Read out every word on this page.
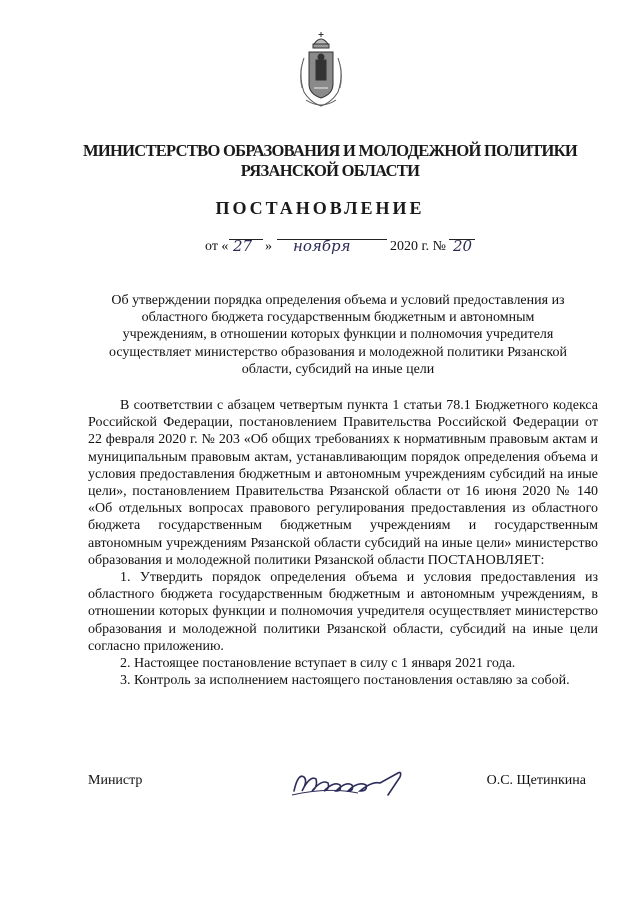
МИНИСТЕРСТВО ОБРАЗОВАНИЯ И МОЛОДЕЖНОЙ ПОЛИТИКИ
РЯЗАНСКОЙ ОБЛАСТИ
ПОСТАНОВЛЕНИЕ
от « 27 » ноября	2020 г. № 20
Об утверждении порядка определения объема и условий предоставления из
областного бюджета государственным бюджетным и автономным
учреждениям, в отношении которых функции и полномочия учредителя
осуществляет министерство образования и молодежной политики Рязанской
области, субсидий на иные цели

В соответствии с абзацем четвертым пункта 1 статьи 78.1 Бюджетного кодекса Российской Федерации, постановлением Правительства Российской Федерации от 22 февраля 2020 г. № 203 «Об общих требованиях к нормативным правовым актам и муниципальным правовым актам, устанавливающим порядок определения объема и условия предоставления бюджетным и автономным учреждениям субсидий на иные цели», постановлением Правительства Рязанской области от 16 июня 2020 № 140 «Об отдельных вопросах правового регулирования предоставления из областного бюджета государственным бюджетным учреждениям и государственным автономным учреждениям Рязанской области субсидий на иные цели» министерство образования и молодежной политики Рязанской области ПОСТАНОВЛЯЕТ:

1. Утвердить порядок определения объема и условия предоставления из областного бюджета государственным бюджетным и автономным учреждениям, в отношении которых функции и полномочия учредителя осуществляет министерство образования и молодежной политики Рязанской области, субсидий на иные цели согласно приложению.

2. Настоящее постановление вступает в силу с 1 января 2021 года.

3. Контроль за исполнением настоящего постановления оставляю за собой.

Министр	О.С. Щетинкина
